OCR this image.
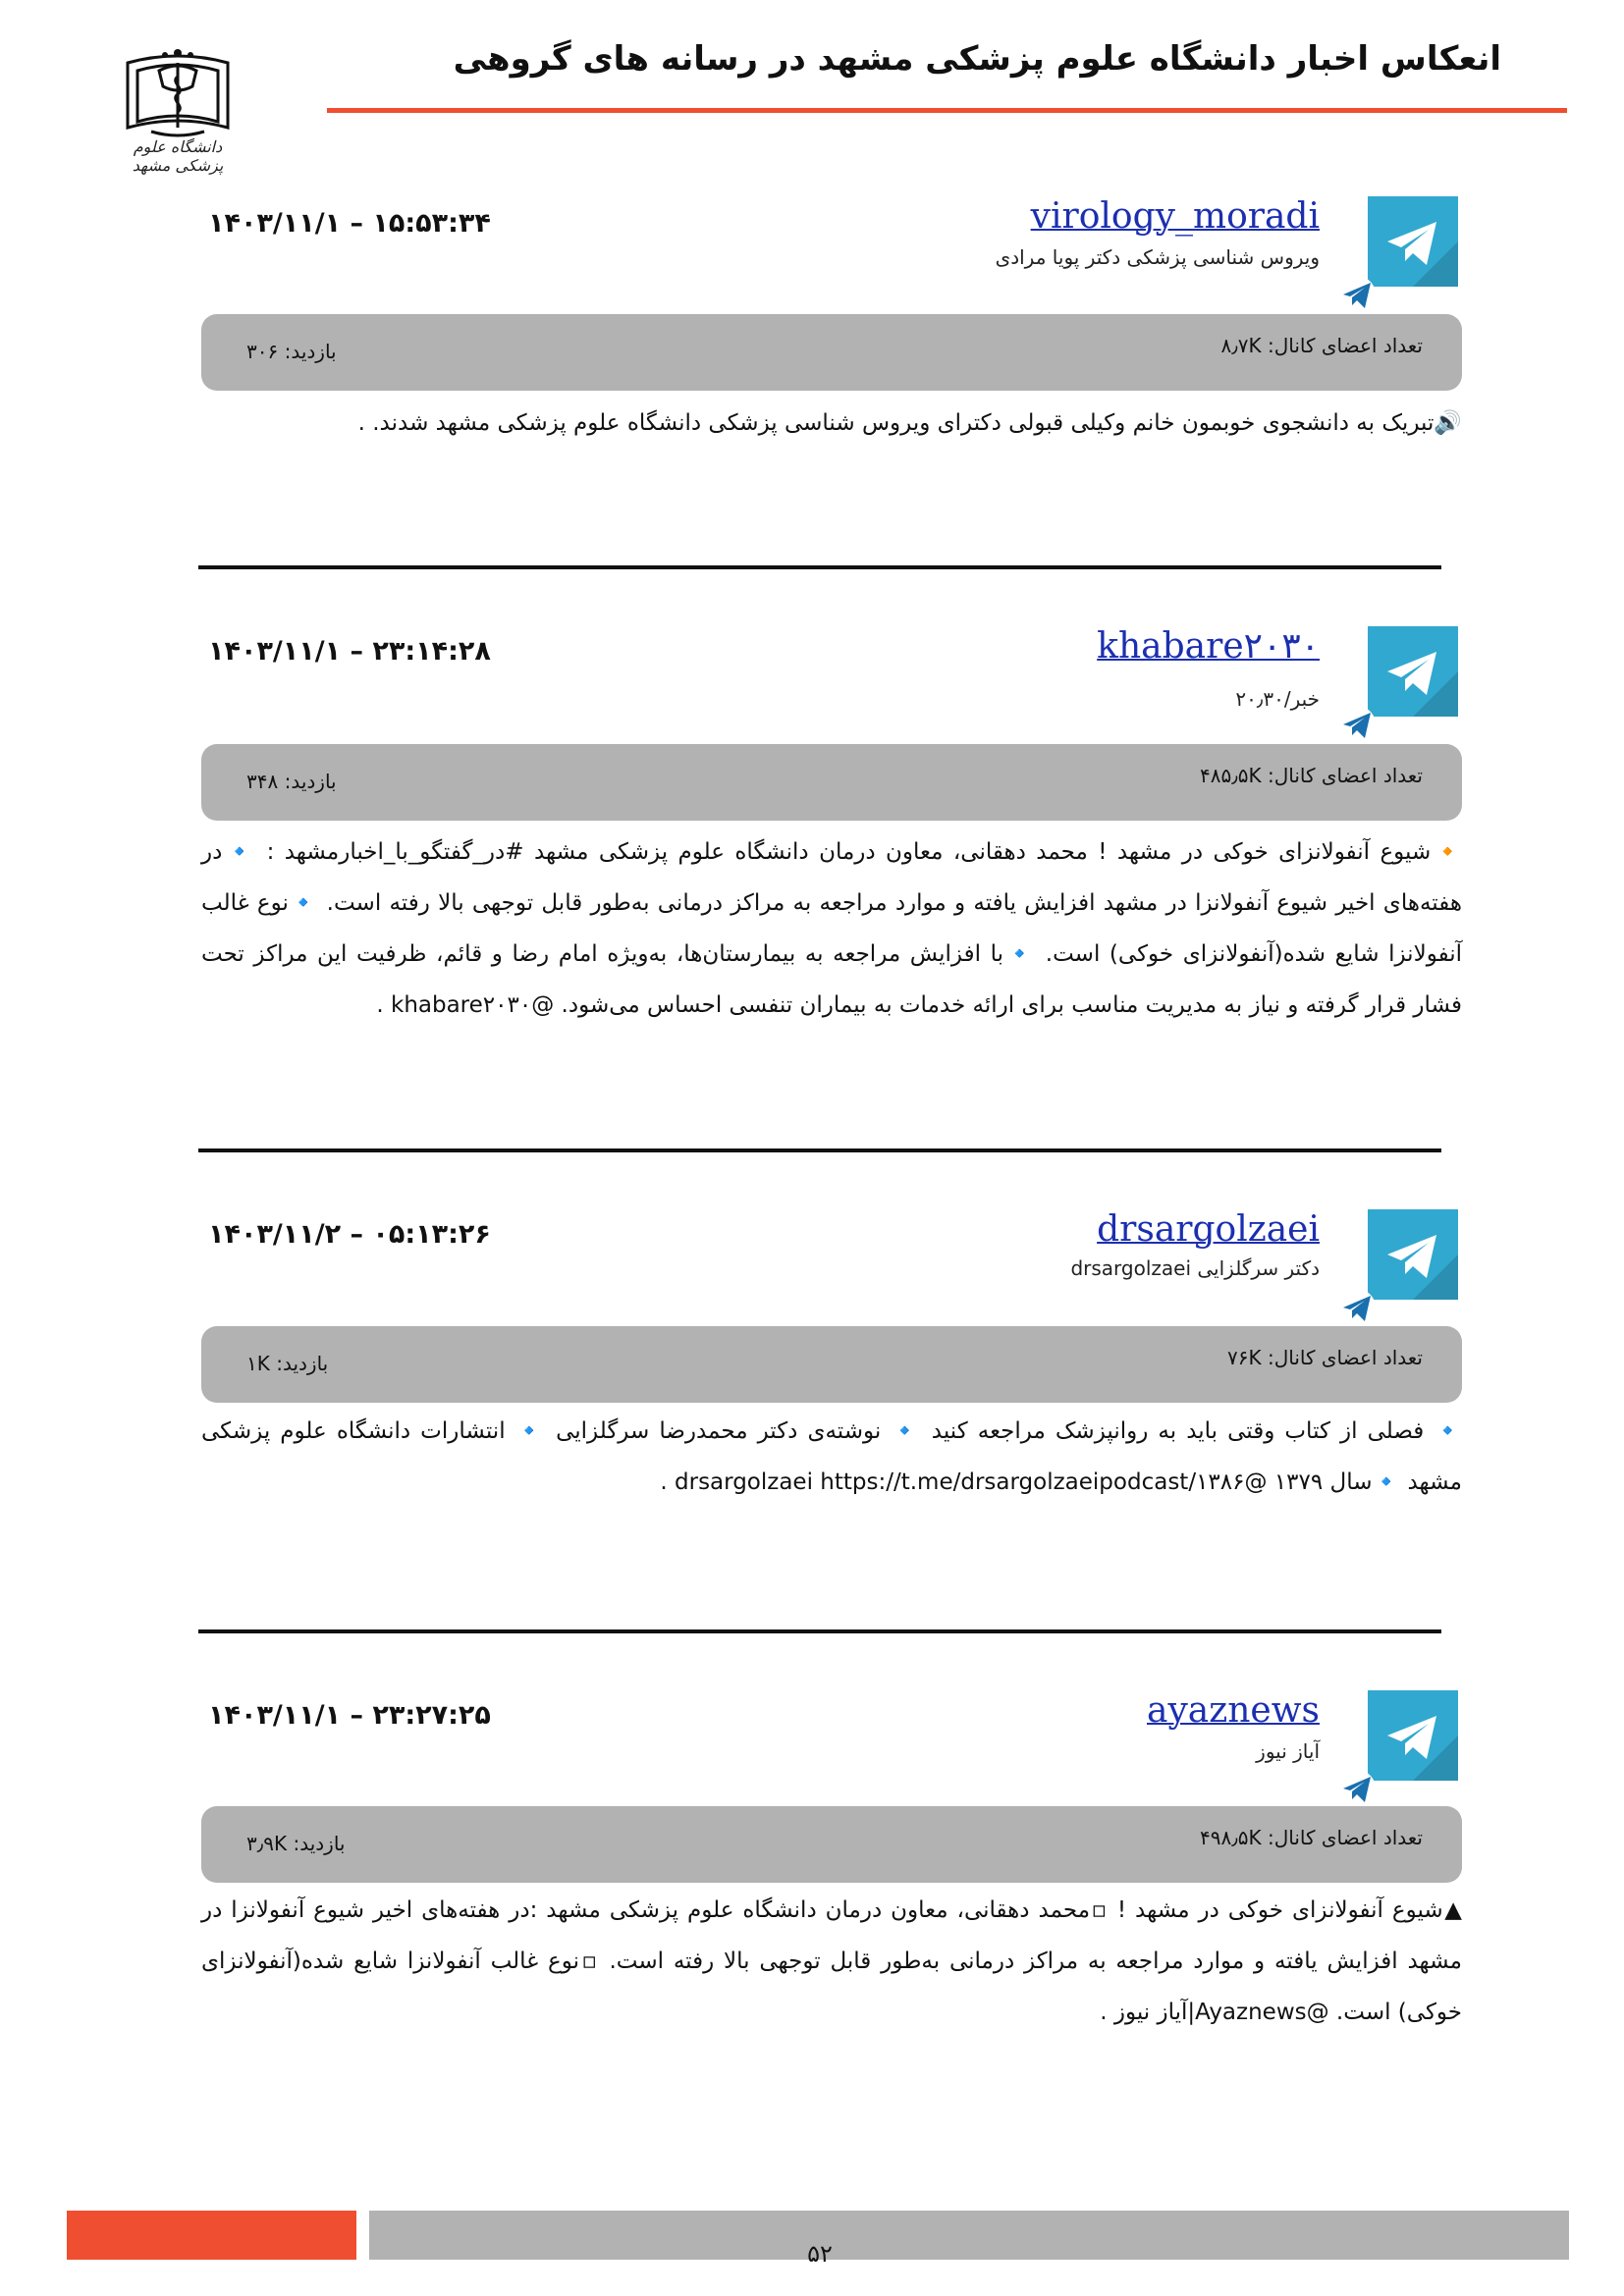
انعکاس اخبار دانشگاه علوم پزشکی مشهد در رسانه های گروهی
دانشگاه علوم پزشکی مشهد
virology_moradi
ویروس شناسی پزشکی دکتر پویا مرادی
۱۴۰۳/۱۱/۱ – ۱۵:۵۳:۳۴
تعداد اعضای کانال: ۸٫۷K
بازدید: ۳۰۶
🔊تبریک به دانشجوی خوبمون خانم وکیلی قبولی دکترای ویروس شناسی پزشکی دانشگاه علوم پزشکی مشهد شدند. .
khabare۲۰۳۰
خبر/۲۰٫۳۰
۱۴۰۳/۱۱/۱ – ۲۳:۱۴:۲۸
تعداد اعضای کانال: ۴۸۵٫۵K
بازدید: ۳۴۸
🔸شیوع آنفولانزای خوکی در مشهد ! محمد دهقانی، معاون درمان دانشگاه علوم پزشکی مشهد #در_گفتگو_با_اخبارمشهد : 🔹در هفته‌های اخیر شیوع آنفولانزا در مشهد افزایش یافته و موارد مراجعه به مراکز درمانی به‌طور قابل توجهی بالا رفته است. 🔹نوع غالب آنفولانزا شایع شده(آنفولانزای خوکی) است. 🔹با افزایش مراجعه به بیمارستان‌ها، به‌ویژه امام رضا و قائم، ظرفیت این مراکز تحت فشار قرار گرفته و نیاز به مدیریت مناسب برای ارائه خدمات به بیماران تنفسی احساس می‌شود. @khabare۲۰۳۰ .
drsargolzaei
دکتر سرگلزایی drsargolzaei
۱۴۰۳/۱۱/۲ – ۰۵:۱۳:۲۶
تعداد اعضای کانال: ۷۶K
بازدید: ۱K
🔹 فصلی از کتاب وقتی باید به روانپزشک مراجعه کنید 🔹 نوشته‌ی دکتر محمدرضا سرگلزایی 🔹 انتشارات دانشگاه علوم پزشکی مشهد 🔹سال ۱۳۷۹ @drsargolzaei https://t.me/drsargolzaeipodcast/۱۳۸۶ .
ayaznews
آیاز نیوز
۱۴۰۳/۱۱/۱ – ۲۳:۲۷:۲۵
تعداد اعضای کانال: ۴۹۸٫۵K
بازدید: ۳٫۹K
▲شیوع آنفولانزای خوکی در مشهد ! ▫محمد دهقانی، معاون درمان دانشگاه علوم پزشکی مشهد :در هفته‌های اخیر شیوع آنفولانزا در مشهد افزایش یافته و موارد مراجعه به مراکز درمانی به‌طور قابل توجهی بالا رفته است. ▫نوع غالب آنفولانزا شایع شده(آنفولانزای خوکی) است. @Ayaznews|آیاز نیوز .
۵۲
